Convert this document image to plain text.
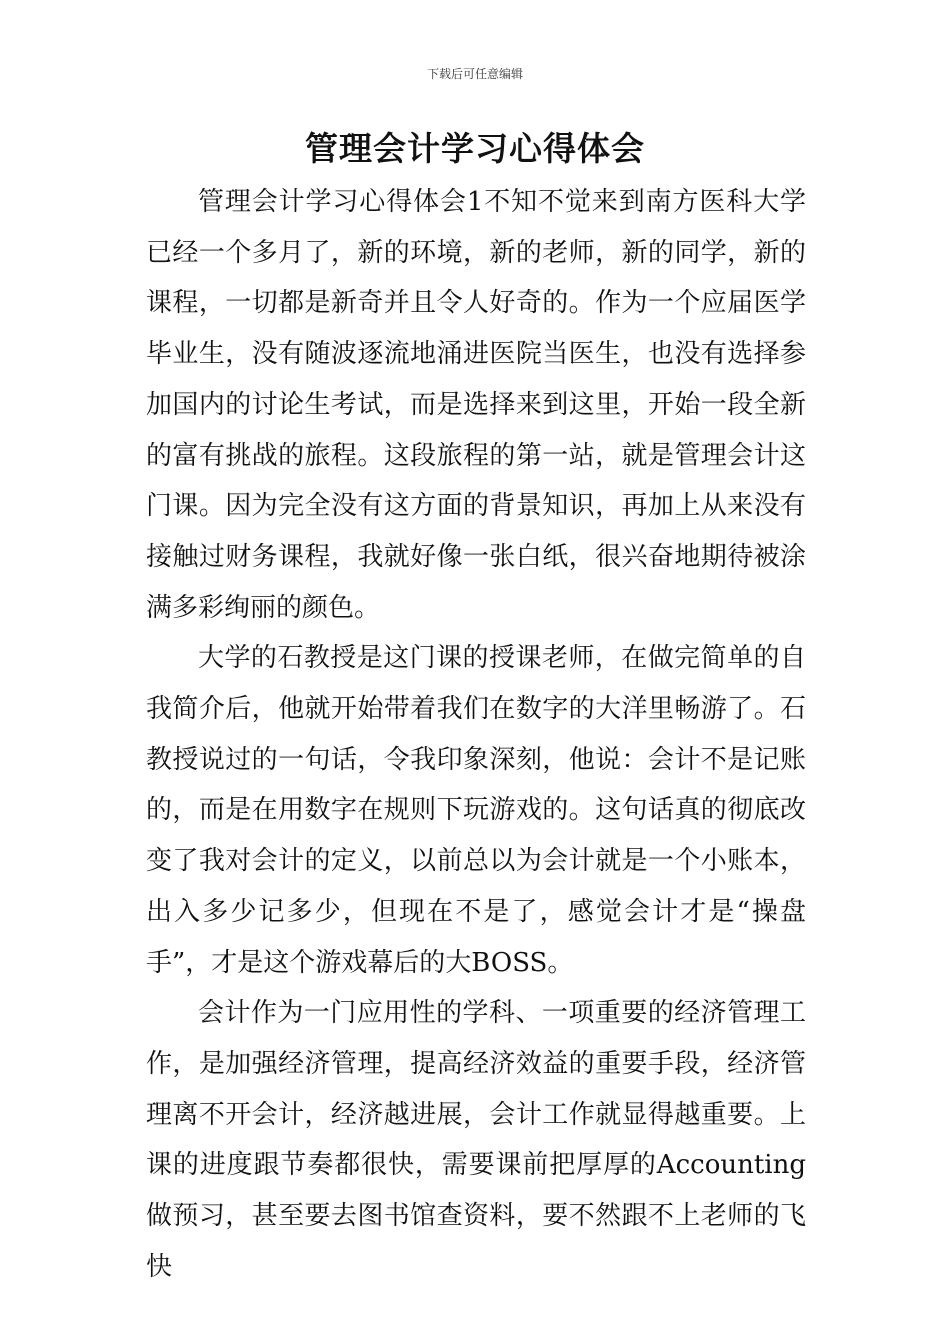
下载后可任意编辑
管理会计学习心得体会

管理会计学习心得体会1不知不觉来到南方医科大学已经一个多月了，新的环境，新的老师，新的同学，新的课程，一切都是新奇并且令人好奇的。作为一个应届医学毕业生，没有随波逐流地涌进医院当医生，也没有选择参加国内的讨论生考试，而是选择来到这里，开始一段全新的富有挑战的旅程。这段旅程的第一站，就是管理会计这门课。因为完全没有这方面的背景知识，再加上从来没有接触过财务课程，我就好像一张白纸，很兴奋地期待被涂满多彩绚丽的颜色。

大学的石教授是这门课的授课老师，在做完简单的自我简介后，他就开始带着我们在数字的大洋里畅游了。石教授说过的一句话，令我印象深刻，他说：会计不是记账的，而是在用数字在规则下玩游戏的。这句话真的彻底改变了我对会计的定义，以前总以为会计就是一个小账本，出入多少记多少，但现在不是了，感觉会计才是“操盘手”，才是这个游戏幕后的大BOSS。

会计作为一门应用性的学科、一项重要的经济管理工作，是加强经济管理，提高经济效益的重要手段，经济管理离不开会计，经济越进展，会计工作就显得越重要。上课的进度跟节奏都很快，需要课前把厚厚的Accounting做预习，甚至要去图书馆查资料，要不然跟不上老师的飞快
